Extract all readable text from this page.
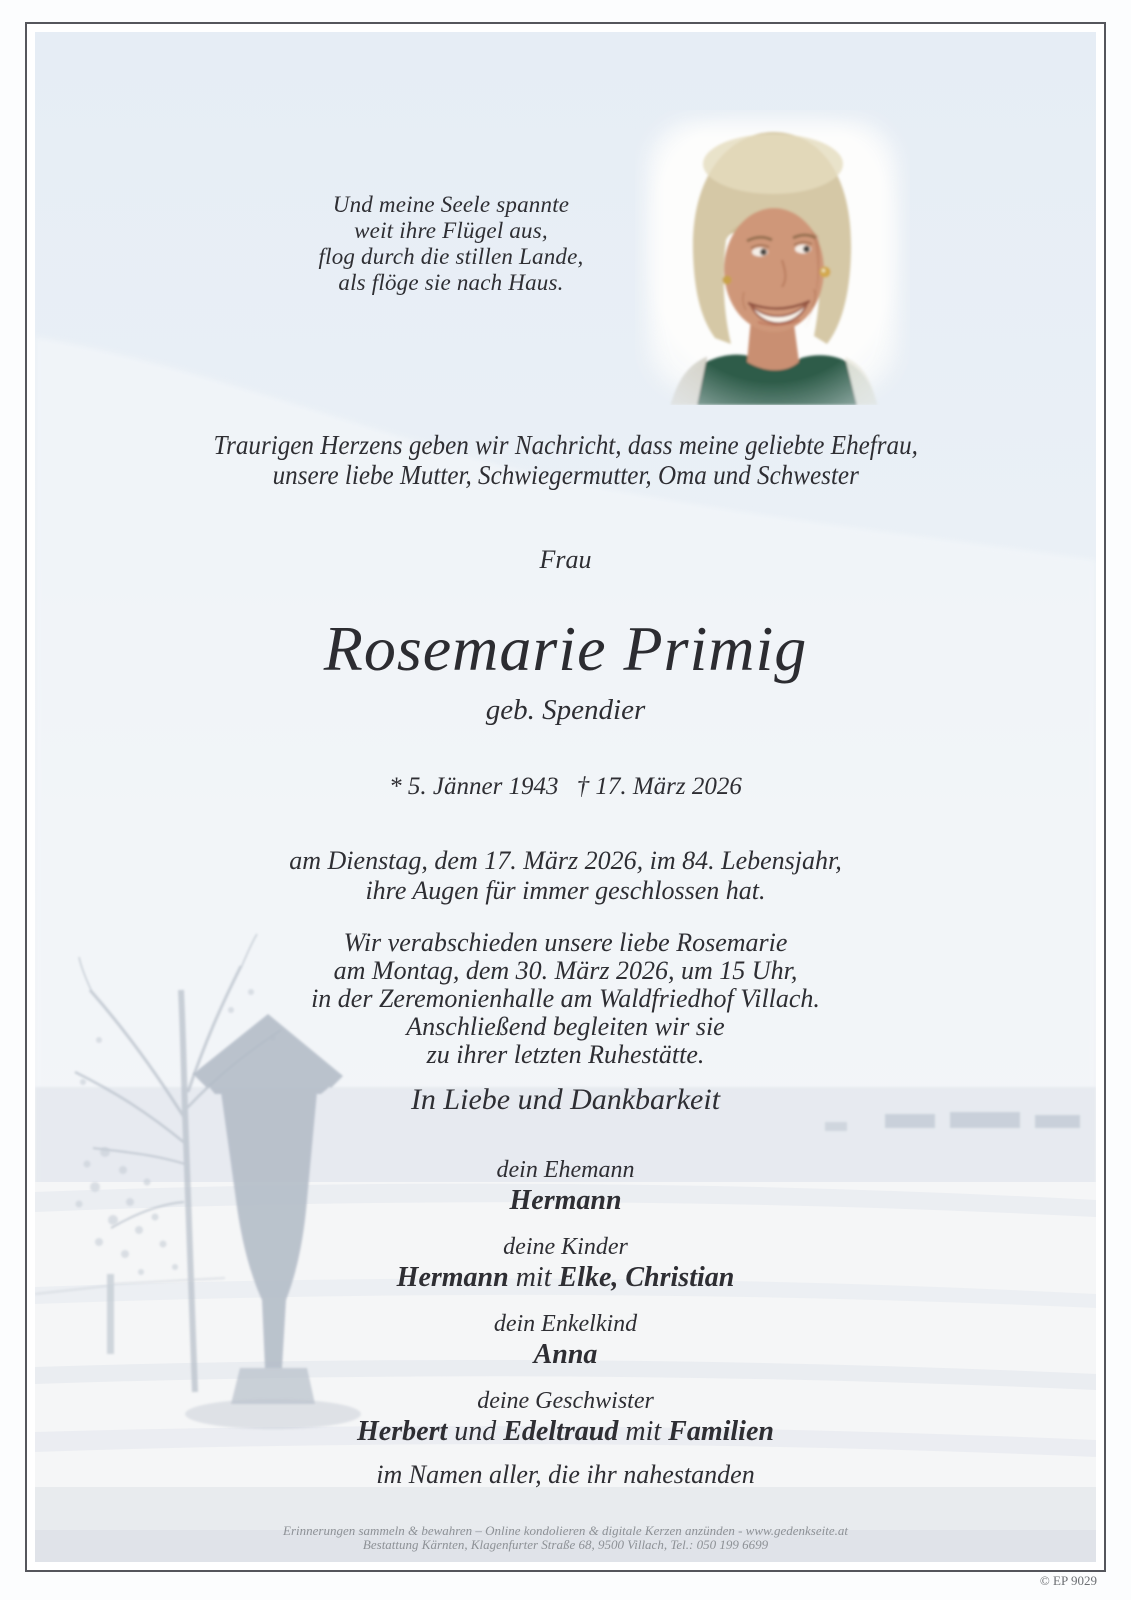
Und meine Seele spannte
weit ihre Flügel aus,
flog durch die stillen Lande,
als flöge sie nach Haus.
Traurigen Herzens geben wir Nachricht, dass meine geliebte Ehefrau,
unsere liebe Mutter, Schwiegermutter, Oma und Schwester
Frau
Rosemarie Primig
geb. Spendier
* 5. Jänner 1943 † 17. März 2026
am Dienstag, dem 17. März 2026, im 84. Lebensjahr,
ihre Augen für immer geschlossen hat.
Wir verabschieden unsere liebe Rosemarie
am Montag, dem 30. März 2026, um 15 Uhr,
in der Zeremonienhalle am Waldfriedhof Villach.
Anschließend begleiten wir sie
zu ihrer letzten Ruhestätte.
In Liebe und Dankbarkeit
dein Ehemann
Hermann
deine Kinder
Hermann mit Elke, Christian
dein Enkelkind
Anna
deine Geschwister
Herbert und Edeltraud mit Familien
im Namen aller, die ihr nahestanden
Erinnerungen sammeln & bewahren – Online kondolieren & digitale Kerzen anzünden - www.gedenkseite.at
Bestattung Kärnten, Klagenfurter Straße 68, 9500 Villach, Tel.: 050 199 6699
© EP 9029
